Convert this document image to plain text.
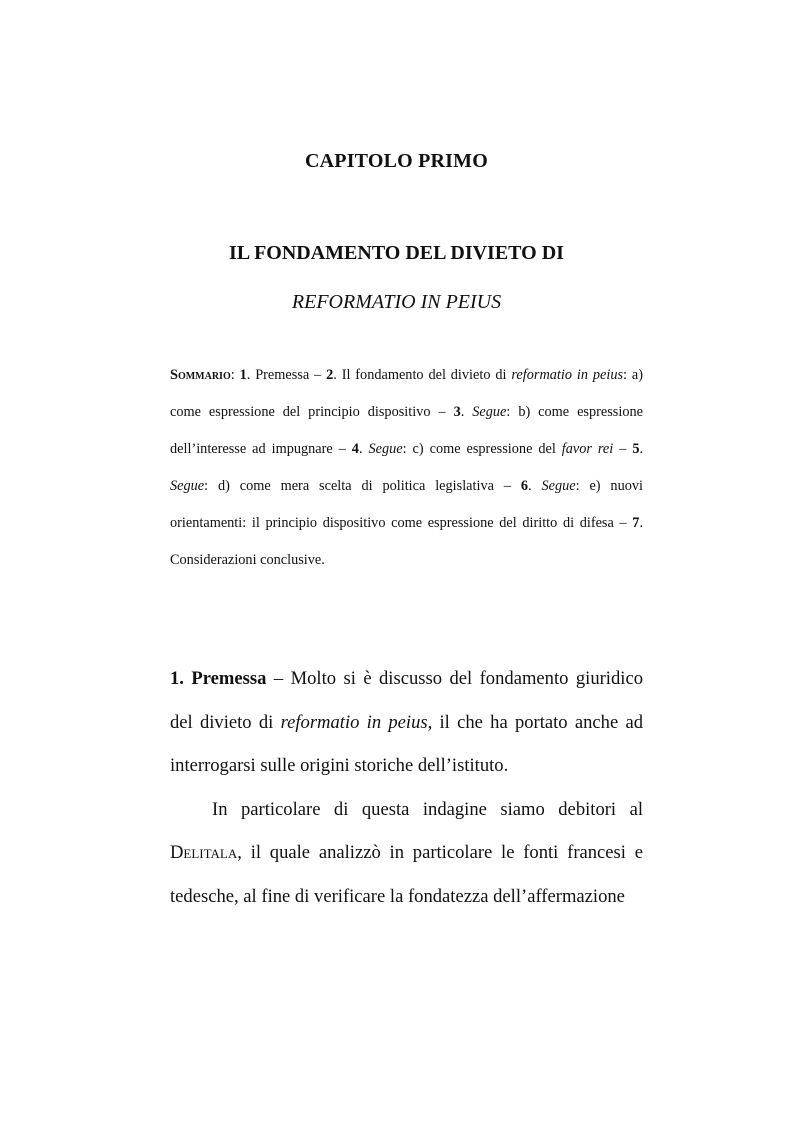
CAPITOLO PRIMO
IL FONDAMENTO DEL DIVIETO DI
REFORMATIO IN PEIUS
Sommario: 1. Premessa – 2. Il fondamento del divieto di reformatio in peius: a) come espressione del principio dispositivo – 3. Segue: b) come espressione dell’interesse ad impugnare – 4. Segue: c) come espressione del favor rei – 5. Segue: d) come mera scelta di politica legislativa – 6. Segue: e) nuovi orientamenti: il principio dispositivo come espressione del diritto di difesa – 7. Considerazioni conclusive.

1. Premessa – Molto si è discusso del fondamento giuridico del divieto di reformatio in peius, il che ha portato anche ad interrogarsi sulle origini storiche dell’istituto.

In particolare di questa indagine siamo debitori al Delitala, il quale analizzò in particolare le fonti francesi e tedesche, al fine di verificare la fondatezza dell’affermazione
